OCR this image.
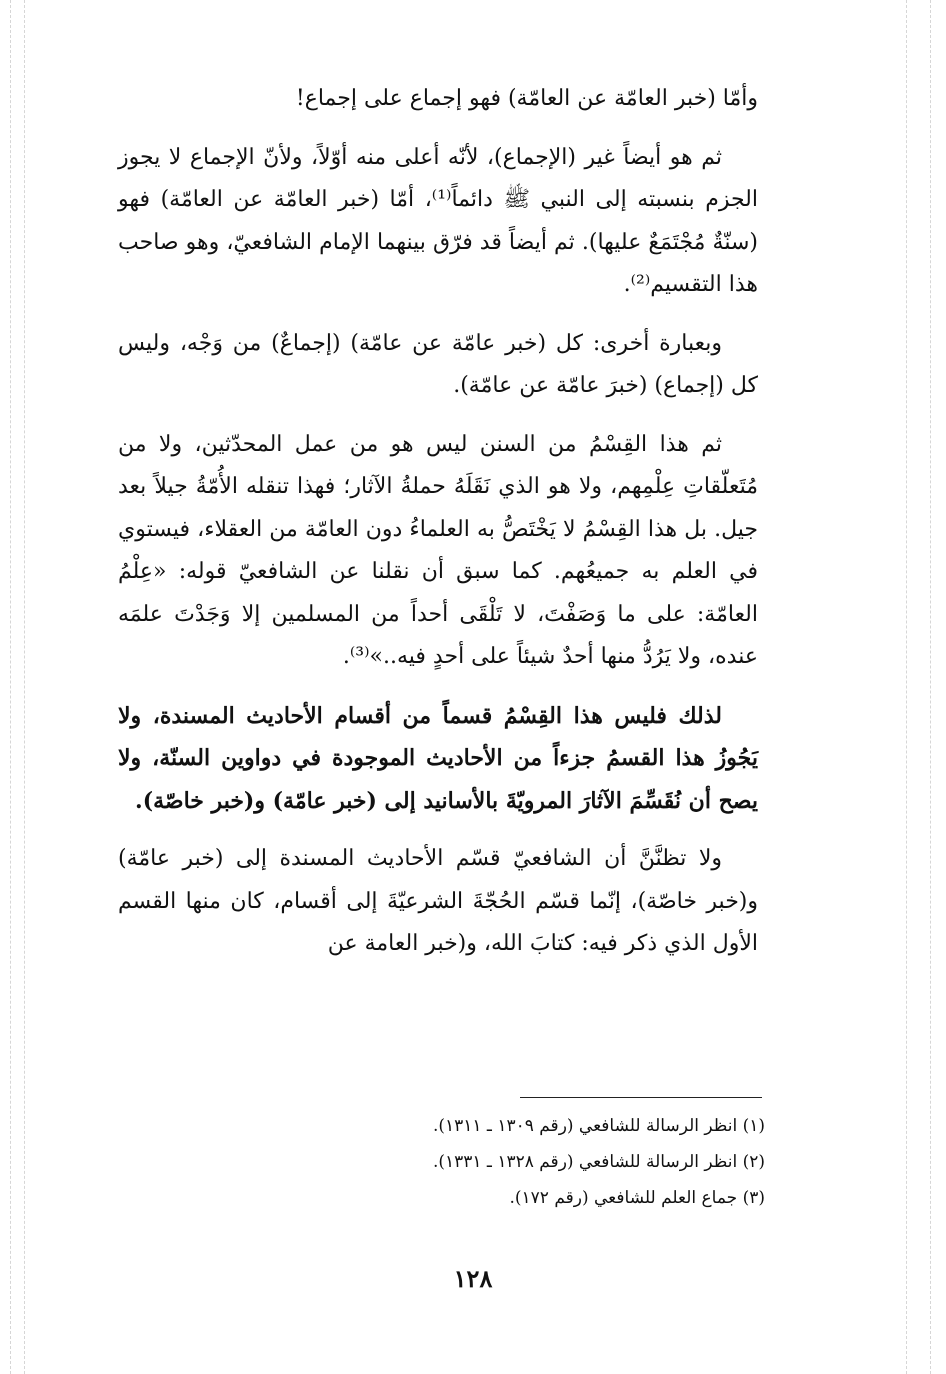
وأمّا (خبر العامّة عن العامّة) فهو إجماع على إجماع!

ثم هو أيضاً غير (الإجماع)، لأنّه أعلى منه أوّلاً، ولأنّ الإجماع لا يجوز الجزم بنسبته إلى النبي ﷺ دائماً⁽¹⁾، أمّا (خبر العامّة عن العامّة) فهو (سنّةٌ مُجْتَمَعٌ عليها). ثم أيضاً قد فرّق بينهما الإمام الشافعيّ، وهو صاحب هذا التقسيم⁽²⁾.

وبعبارة أخرى: كل (خبر عامّة عن عامّة) (إجماعٌ) من وَجْه، وليس كل (إجماع) (خبرَ عامّة عن عامّة).

ثم هذا القِسْمُ من السنن ليس هو من عمل المحدّثين، ولا من مُتَعلّقاتِ عِلْمِهم، ولا هو الذي نَقَلَهُ حملةُ الآثار؛ فهذا تنقله الأُمّةُ جيلاً بعد جيل. بل هذا القِسْمُ لا يَخْتَصُّ به العلماءُ دون العامّة من العقلاء، فيستوي في العلم به جميعُهم. كما سبق أن نقلنا عن الشافعيّ قوله: «عِلْمُ العامّة: على ما وَصَفْتَ، لا تَلْقَى أحداً من المسلمين إلا وَجَدْتَ علمَه عنده، ولا يَرُدُّ منها أحدٌ شيئاً على أحدٍ فيه..»⁽³⁾.

لذلك فليس هذا القِسْمُ قسماً من أقسام الأحاديث المسندة، ولا يَجُوزُ هذا القسمُ جزءاً من الأحاديث الموجودة في دواوين السنّة، ولا يصح أن نُقَسِّمَ الآثارَ المرويّةَ بالأسانيد إلى (خبر عامّة) و(خبر خاصّة).

ولا تظنَّنَّ أن الشافعيّ قسّم الأحاديث المسندة إلى (خبر عامّة) و(خبر خاصّة)، إنّما قسّم الحُجّةَ الشرعيّةَ إلى أقسام، كان منها القسم الأول الذي ذكر فيه: كتابَ الله، و(خبر العامة عن

(١) انظر الرسالة للشافعي (رقم ١٣٠٩ ـ ١٣١١).

(٢) انظر الرسالة للشافعي (رقم ١٣٢٨ ـ ١٣٣١).

(٣) جماع العلم للشافعي (رقم ١٧٢).

١٢٨
